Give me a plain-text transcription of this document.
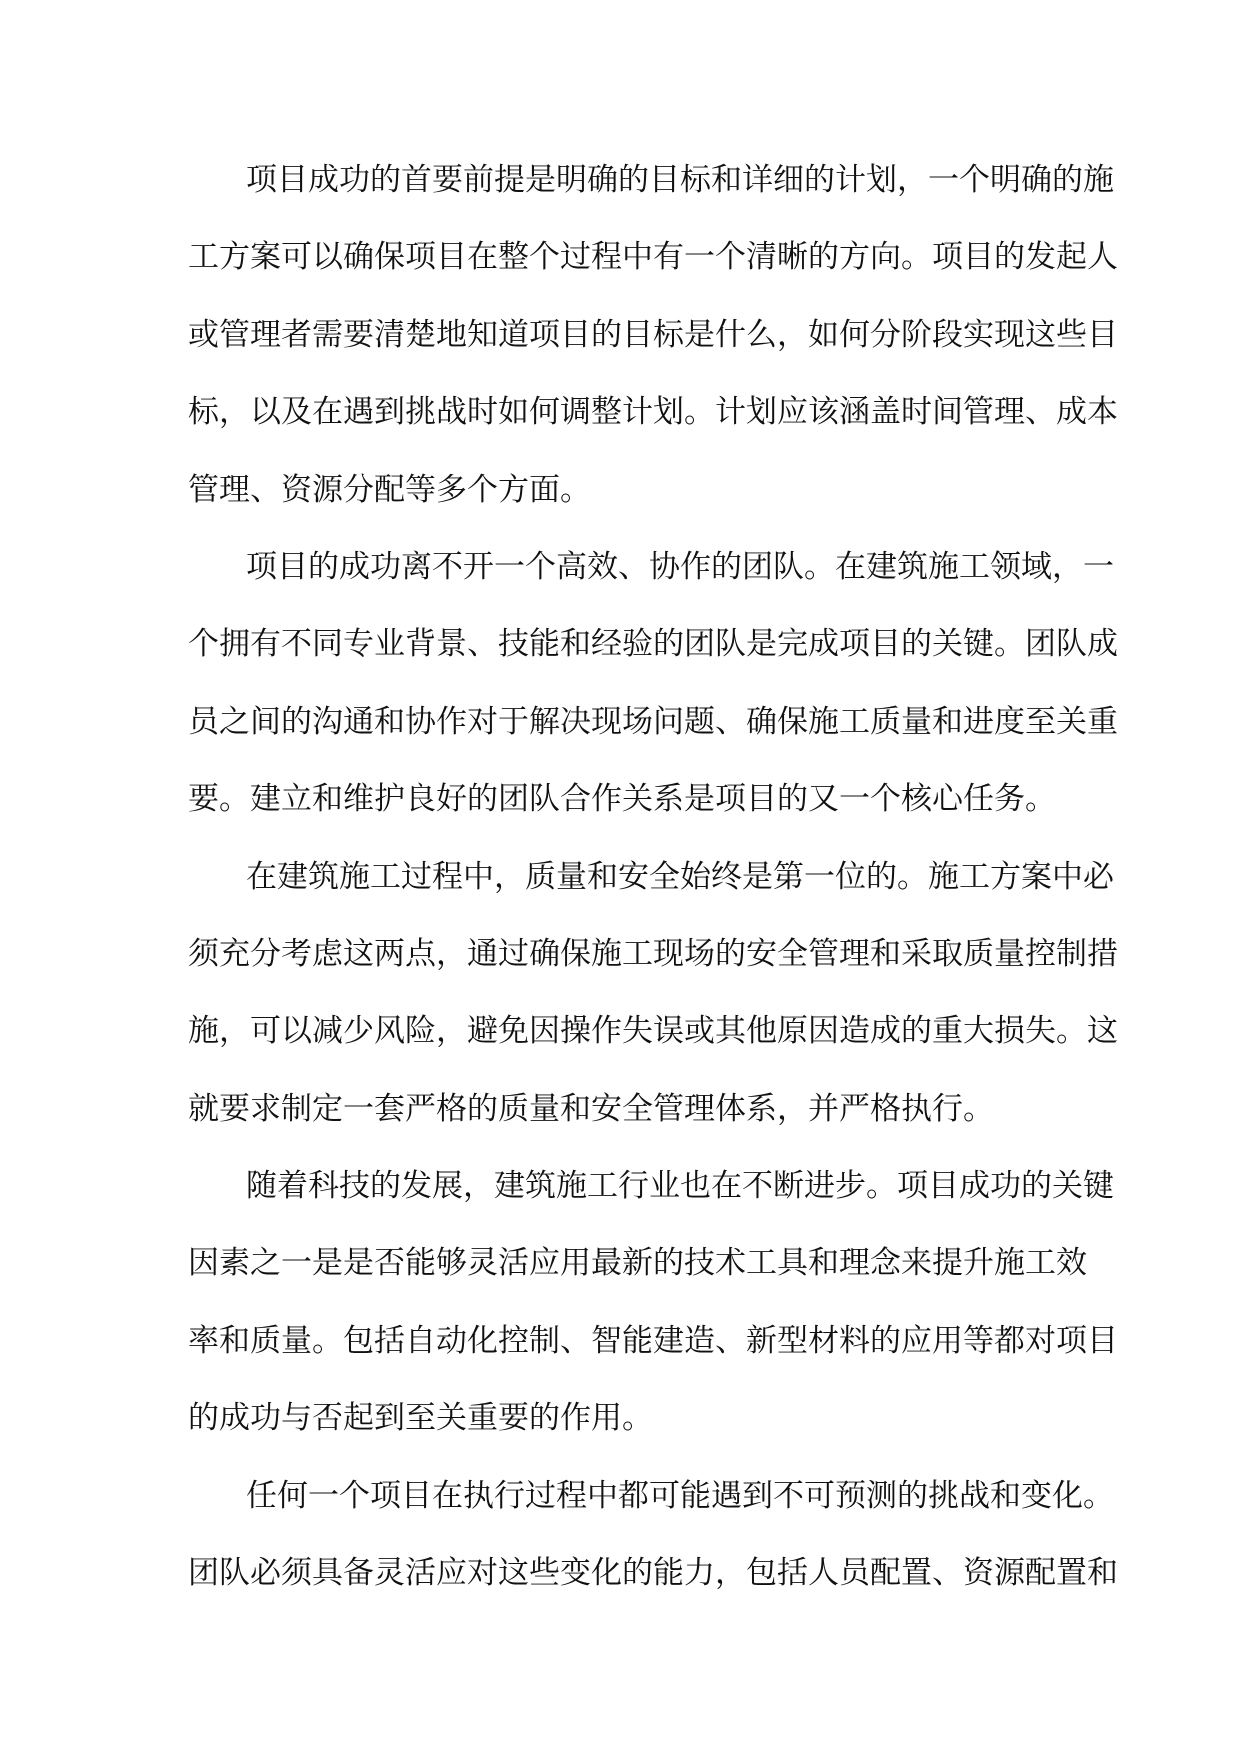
项目成功的首要前提是明确的目标和详细的计划，一个明确的施
工方案可以确保项目在整个过程中有一个清晰的方向。项目的发起人
或管理者需要清楚地知道项目的目标是什么，如何分阶段实现这些目
标，以及在遇到挑战时如何调整计划。计划应该涵盖时间管理、成本
管理、资源分配等多个方面。
项目的成功离不开一个高效、协作的团队。在建筑施工领域，一
个拥有不同专业背景、技能和经验的团队是完成项目的关键。团队成
员之间的沟通和协作对于解决现场问题、确保施工质量和进度至关重
要。建立和维护良好的团队合作关系是项目的又一个核心任务。
在建筑施工过程中，质量和安全始终是第一位的。施工方案中必
须充分考虑这两点，通过确保施工现场的安全管理和采取质量控制措
施，可以减少风险，避免因操作失误或其他原因造成的重大损失。这
就要求制定一套严格的质量和安全管理体系，并严格执行。
随着科技的发展，建筑施工行业也在不断进步。项目成功的关键
因素之一是是否能够灵活应用最新的技术工具和理念来提升施工效
率和质量。包括自动化控制、智能建造、新型材料的应用等都对项目
的成功与否起到至关重要的作用。
任何一个项目在执行过程中都可能遇到不可预测的挑战和变化。
团队必须具备灵活应对这些变化的能力，包括人员配置、资源配置和
